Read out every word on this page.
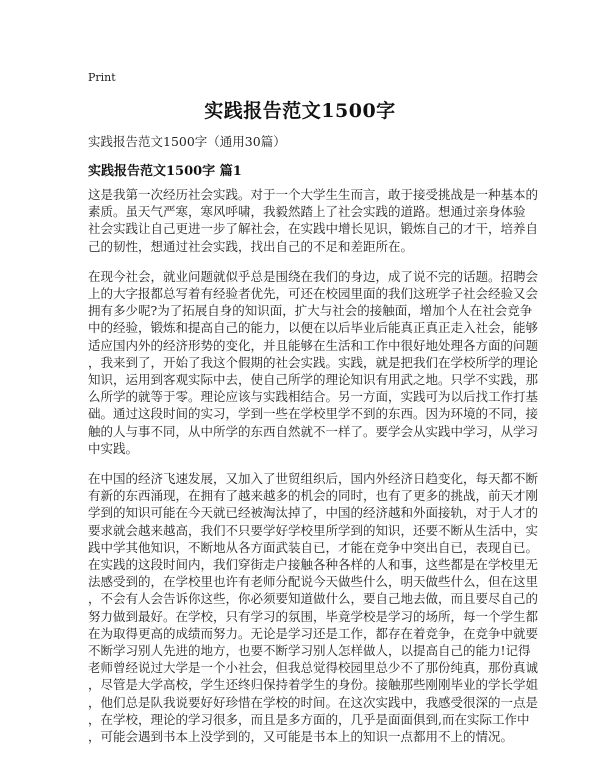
Print
实践报告范文1500字
实践报告范文1500字（通用30篇）
实践报告范文1500字 篇1
这是我第一次经历社会实践。对于一个大学生生而言，敢于接受挑战是一种基本的
素质。虽天气严寒，寒风呼啸，我毅然踏上了社会实践的道路。想通过亲身体验
社会实践让自己更进一步了解社会，在实践中增长见识，锻炼自己的才干，培养自
己的韧性，想通过社会实践，找出自己的不足和差距所在。
在现今社会，就业问题就似乎总是围绕在我们的身边，成了说不完的话题。招聘会
上的大字报都总写着有经验者优先，可还在校园里面的我们这班学子社会经验又会
拥有多少呢?为了拓展自身的知识面，扩大与社会的接触面，增加个人在社会竞争
中的经验，锻炼和提高自己的能力，以便在以后毕业后能真正真正走入社会，能够
适应国内外的经济形势的变化，并且能够在生活和工作中很好地处理各方面的问题
，我来到了，开始了我这个假期的社会实践。实践，就是把我们在学校所学的理论
知识，运用到客观实际中去，使自己所学的理论知识有用武之地。只学不实践，那
么所学的就等于零。理论应该与实践相结合。另一方面，实践可为以后找工作打基
础。通过这段时间的实习，学到一些在学校里学不到的东西。因为环境的不同，接
触的人与事不同，从中所学的东西自然就不一样了。要学会从实践中学习，从学习
中实践。
在中国的经济飞速发展，又加入了世贸组织后，国内外经济日趋变化，每天都不断
有新的东西涌现，在拥有了越来越多的机会的同时，也有了更多的挑战，前天才刚
学到的知识可能在今天就已经被淘汰掉了，中国的经济越和外面接轨，对于人才的
要求就会越来越高，我们不只要学好学校里所学到的知识，还要不断从生活中，实
践中学其他知识，不断地从各方面武装自已，才能在竞争中突出自已，表现自已。
在实践的这段时间内，我们穿街走户接触各种各样的人和事，这些都是在学校里无
法感受到的，在学校里也许有老师分配说今天做些什么，明天做些什么，但在这里
，不会有人会告诉你这些，你必须要知道做什么，要自己地去做，而且要尽自己的
努力做到最好。在学校，只有学习的氛围，毕竟学校是学习的场所，每一个学生都
在为取得更高的成绩而努力。无论是学习还是工作，都存在着竞争，在竞争中就要
不断学习别人先进的地方，也要不断学习别人怎样做人，以提高自己的能力!记得
老师曾经说过大学是一个小社会，但我总觉得校园里总少不了那份纯真，那份真诚
，尽管是大学高校，学生还终归保持着学生的身份。接触那些刚刚毕业的学长学姐
，他们总是队我说要好好珍惜在学校的时间。在这次实践中，我感受很深的一点是
，在学校，理论的学习很多，而且是多方面的，几乎是面面俱到,而在实际工作中
，可能会遇到书本上没学到的，又可能是书本上的知识一点都用不上的情况。
